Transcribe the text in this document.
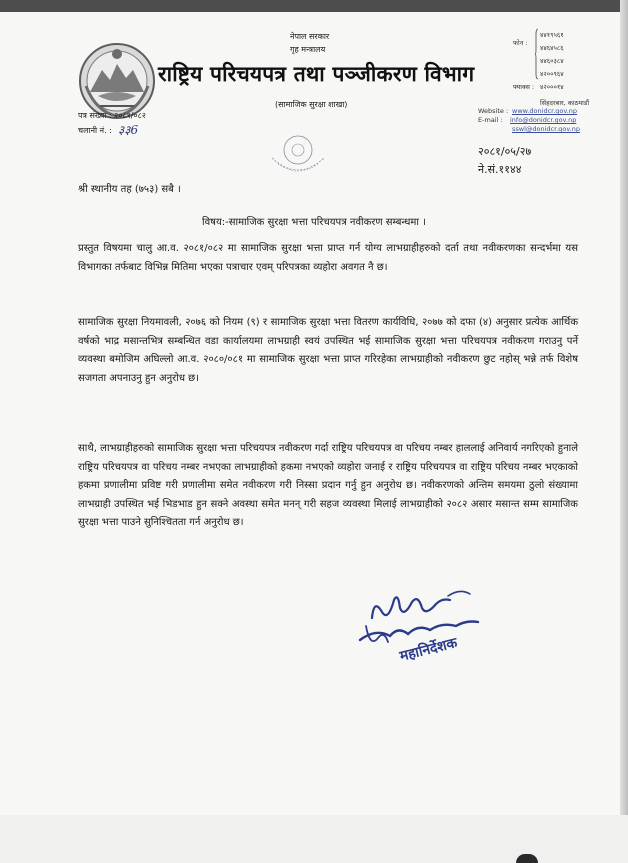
नेपाल सरकार
गृह मन्त्रालय
राष्ट्रिय परिचयपत्र तथा पञ्जीकरण विभाग
(सामाजिक सुरक्षा शाखा)
फोन :
४४१९५६१
४४६४५८६
४४६०३८४
४२००९६४
फ्याक्स : ४२०००१४
सिंहदरबार, काठमाडौं
Website : www.donidcr.gov.np
E-mail : info@donidcr.gov.np
sswl@donidcr.gov.np
पत्र संख्या : २०८१/०८२
चलानी नं. : ३३6
२०८१/०५/२७
ने.सं.११४४
श्री स्थानीय तह (७५३) सबै ।
विषय:-सामाजिक सुरक्षा भत्ता परिचयपत्र नवीकरण सम्बन्धमा ।

प्रस्तुत विषयमा चालु आ.व. २०८१/०८२ मा सामाजिक सुरक्षा भत्ता प्राप्त गर्न योग्य लाभग्राहीहरुको दर्ता तथा नवीकरणका सन्दर्भमा यस विभागका तर्फबाट विभिन्न मितिमा भएका पत्राचार एवम् परिपत्रका व्यहोरा अवगत नै छ।

सामाजिक सुरक्षा नियमावली, २०७६ को नियम (९) र सामाजिक सुरक्षा भत्ता वितरण कार्यविधि, २०७७ को दफा (४) अनुसार प्रत्येक आर्थिक वर्षको भाद्र मसान्तभित्र सम्बन्धित वडा कार्यालयमा लाभग्राही स्वयं उपस्थित भई सामाजिक सुरक्षा भत्ता परिचयपत्र नवीकरण गराउनु पर्ने व्यवस्था बमोजिम अघिल्लो आ.व. २०८०/०८१ मा सामाजिक सुरक्षा भत्ता प्राप्त गरिरहेका लाभग्राहीको नवीकरण छुट नहोस् भन्ने तर्फ विशेष सजगता अपनाउनु हुन अनुरोध छ।

साथै, लाभग्राहीहरुको सामाजिक सुरक्षा भत्ता परिचयपत्र नवीकरण गर्दा राष्ट्रिय परिचयपत्र वा परिचय नम्बर हाललाई अनिवार्य नगरिएको हुनाले राष्ट्रिय परिचयपत्र वा परिचय नम्बर नभएका लाभग्राहीको हकमा नभएको व्यहोरा जनाई र राष्ट्रिय परिचयपत्र वा राष्ट्रिय परिचय नम्बर भएकाको हकमा प्रणालीमा प्रविष्ट गरी प्रणालीमा समेत नवीकरण गरी निस्सा प्रदान गर्नु हुन अनुरोध छ। नवीकरणको अन्तिम समयमा ठुलो संख्यामा लाभग्राही उपस्थित भई भिडभाड हुन सक्ने अवस्था समेत मनन् गरी सहज व्यवस्था मिलाई लाभग्राहीको २०८२ असार मसान्त सम्म सामाजिक सुरक्षा भत्ता पाउने सुनिश्चितता गर्न अनुरोध छ।

महानिर्देशक
